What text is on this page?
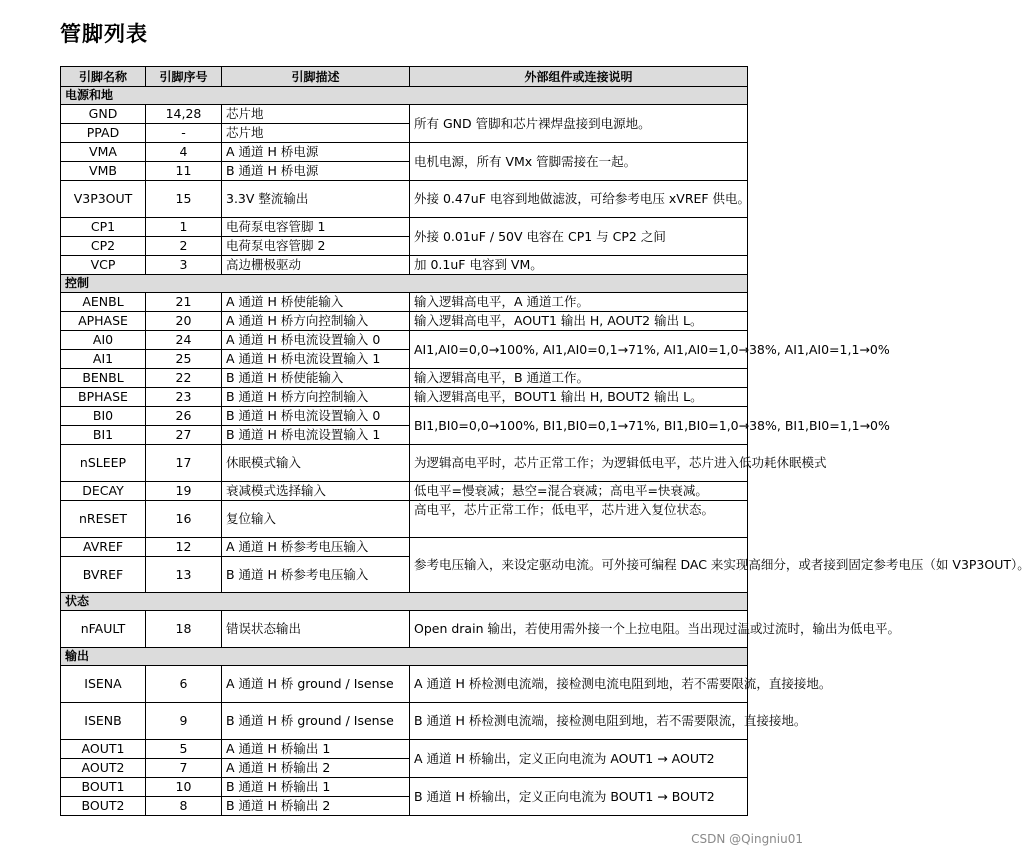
管脚列表
引脚名称	引脚序号	引脚描述	外部组件或连接说明
电源和地			
GND	14,28	芯片地	所有 GND 管脚和芯片裸焊盘接到电源地。
PPAD	-	芯片地	
VMA	4	A 通道 H 桥电源	电机电源，所有 VMx 管脚需接在一起。
VMB	11	B 通道 H 桥电源	
V3P3OUT	15	3.3V 整流输出	外接 0.47uF 电容到地做滤波，可给参考电压 xVREF 供电。
CP1	1	电荷泵电容管脚 1	外接 0.01uF / 50V 电容在 CP1 与 CP2 之间
CP2	2	电荷泵电容管脚 2	
VCP	3	高边栅极驱动	加 0.1uF 电容到 VM。
控制			
AENBL	21	A 通道 H 桥使能输入	输入逻辑高电平，A 通道工作。
APHASE	20	A 通道 H 桥方向控制输入	输入逻辑高电平，AOUT1 输出 H, AOUT2 输出 L。
AI0	24	A 通道 H 桥电流设置输入 0	AI1,AI0=0,0→100%, AI1,AI0=0,1→71%, AI1,AI0=1,0→38%, AI1,AI0=1,1→0%
AI1	25	A 通道 H 桥电流设置输入 1	
BENBL	22	B 通道 H 桥使能输入	输入逻辑高电平，B 通道工作。
BPHASE	23	B 通道 H 桥方向控制输入	输入逻辑高电平，BOUT1 输出 H, BOUT2 输出 L。
BI0	26	B 通道 H 桥电流设置输入 0	BI1,BI0=0,0→100%, BI1,BI0=0,1→71%, BI1,BI0=1,0→38%, BI1,BI0=1,1→0%
BI1	27	B 通道 H 桥电流设置输入 1	
nSLEEP	17	休眠模式输入	为逻辑高电平时，芯片正常工作；为逻辑低电平，芯片进入低功耗休眠模式
DECAY	19	衰减模式选择输入	低电平=慢衰减；悬空=混合衰减；高电平=快衰减。
nRESET	16	复位输入	高电平，芯片正常工作；低电平，芯片进入复位状态。
AVREF	12	A 通道 H 桥参考电压输入	参考电压输入，来设定驱动电流。可外接可编程 DAC 来实现高细分，或者接到固定参考电压（如 V3P3OUT）。
BVREF	13	B 通道 H 桥参考电压输入	
状态			
nFAULT	18	错误状态输出	Open drain 输出，若使用需外接一个上拉电阻。当出现过温或过流时，输出为低电平。
输出			
ISENA	6	A 通道 H 桥 ground / Isense	A 通道 H 桥检测电流端，接检测电流电阻到地，若不需要限流，直接接地。
ISENB	9	B 通道 H 桥 ground / Isense	B 通道 H 桥检测电流端，接检测电阻到地，若不需要限流，直接接地。
AOUT1	5	A 通道 H 桥输出 1	A 通道 H 桥输出，定义正向电流为 AOUT1 → AOUT2
AOUT2	7	A 通道 H 桥输出 2	
BOUT1	10	B 通道 H 桥输出 1	B 通道 H 桥输出，定义正向电流为 BOUT1 → BOUT2
BOUT2	8	B 通道 H 桥输出 2	
CSDN @Qingniu01
